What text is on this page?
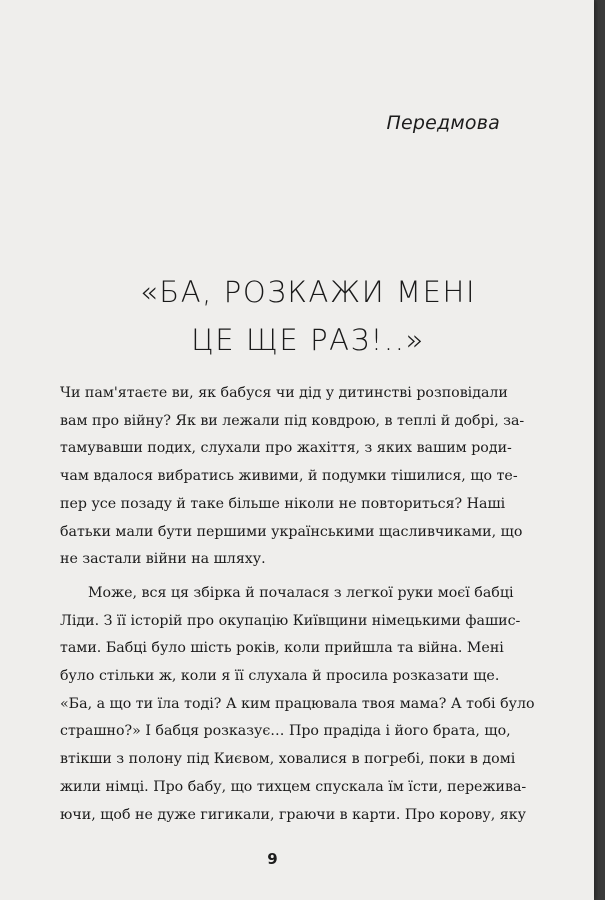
Передмова
«БА, РОЗКАЖИ МЕНІ
ЦЕ ЩЕ РАЗ!..»
Чи пам'ятаєте ви, як бабуся чи дід у дитинстві розповідали
вам про війну? Як ви лежали під ковдрою, в теплі й добрі, за-
тамувавши подих, слухали про жахіття, з яких вашим роди-
чам вдалося вибратись живими, й подумки тішилися, що те-
пер усе позаду й таке більше ніколи не повториться? Наші
батьки мали бути першими українськими щасливчиками, що
не застали війни на шляху.
Може, вся ця збірка й почалася з легкої руки моєї бабці
Ліди. З її історій про окупацію Київщини німецькими фашис-
тами. Бабці було шість років, коли прийшла та війна. Мені
було стільки ж, коли я її слухала й просила розказати ще.
«Ба, а що ти їла тоді? А ким працювала твоя мама? А тобі було
страшно?» І бабця розказує… Про прадіда і його брата, що,
втікши з полону під Києвом, ховалися в погребі, поки в домі
жили німці. Про бабу, що тихцем спускала їм їсти, пережива-
ючи, щоб не дуже гигикали, граючи в карти. Про корову, яку
9
